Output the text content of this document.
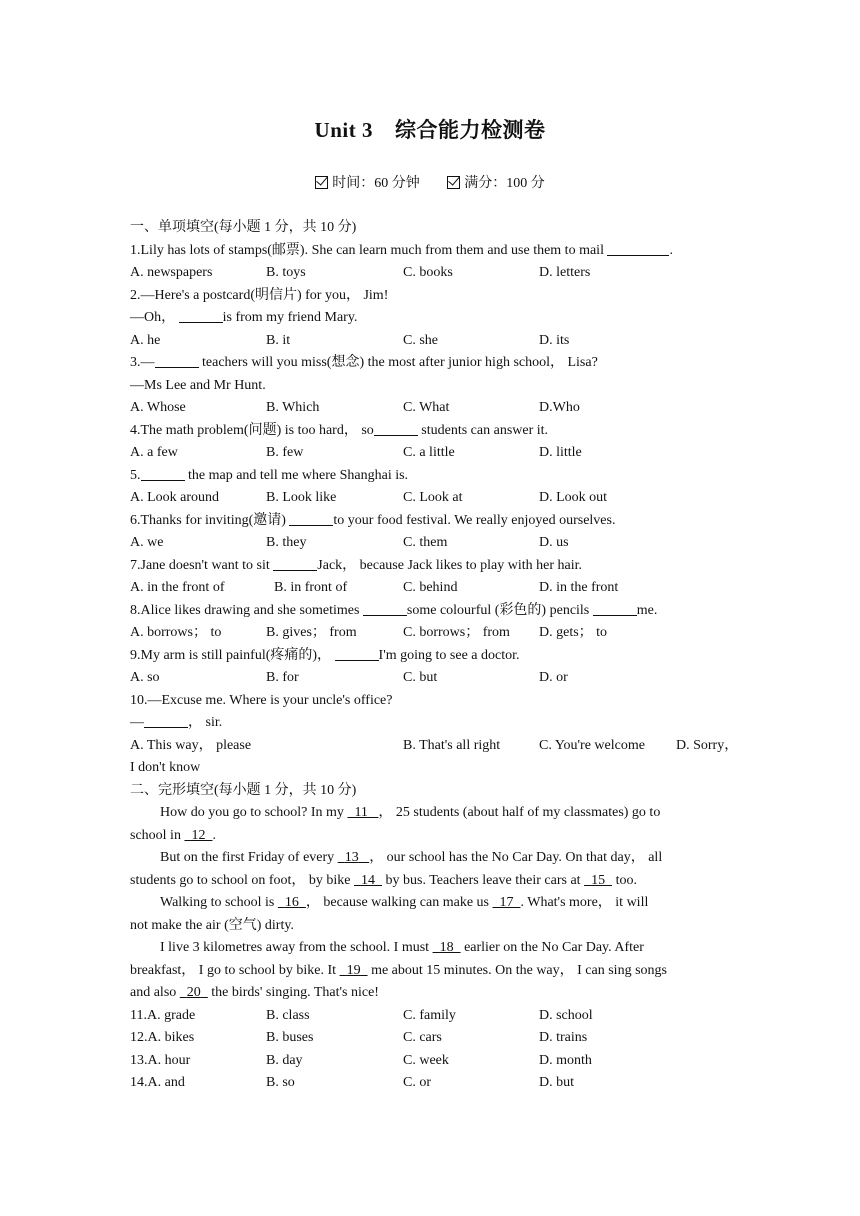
Unit 3 综合能力检测卷
时间：60 分钟
	满分：100 分
一、单项填空(每小题 1 分，共 10 分)
1.Lily has lots of stamps(邮票). She can learn much from them and use them to mail	.
A. newspapers	B. toys	C. books	D. letters
2.—Here's a postcard(明信片) for you， Jim!
—Oh，	is from my friend Mary.
A. he	B. it	C. she	D. its
3.—	teachers will you miss(想念) the most after junior high school， Lisa?
—Ms Lee and Mr Hunt.
A. Whose	B. Which	C. What	D.Who
4.The math problem(问题) is too hard， so	students can answer it.
A. a few	B. few	C. a little	D. little
5.	the map and tell me where Shanghai is.
A. Look around	B. Look like	C. Look at	D. Look out
6.Thanks for inviting(邀请)	to your food festival. We really enjoyed ourselves.
A. we	B. they	C. them	D. us
7.Jane doesn't want to sit	Jack， because Jack likes to play with her hair.
A. in the front of	B. in front of	C. behind	D. in the front
8.Alice likes drawing and she sometimes	some colourful (彩色的) pencils	me.
A. borrows； to	B. gives； from	C. borrows； from D. gets； to
9.My arm is still painful(疼痛的)，	I'm going to see a doctor.
A. so	B. for	C. but	D. or
10.—Excuse me. Where is your uncle's office?
—	， sir.
A. This way， please	B. That's all right	C. You're welcome D. Sorry，
I don't know
二、完形填空(每小题 1 分，共 10 分)
How do you go to school? In my   11 ， 25 students (about half of my classmates) go to
school in   12 .
But on the first Friday of every   13 ， our school has the No Car Day. On that day， all
students go to school on foot， by bike   14   by bus. Teachers leave their cars at   15   too.
Walking to school is   16 ， because walking can make us   17 . What's more， it will
not make the air (空气) dirty.
I live 3 kilometres away from the school. I must   18   earlier on the No Car Day. After
breakfast， I go to school by bike. It   19   me about 15 minutes. On the way， I can sing songs
and also   20   the birds' singing. That's nice!
11.A. grade	B. class	C. family	D. school
12.A. bikes	B. buses	C. cars	D. trains
13.A. hour	B. day	C. week	D. month
14.A. and	B. so	C. or	D. but
